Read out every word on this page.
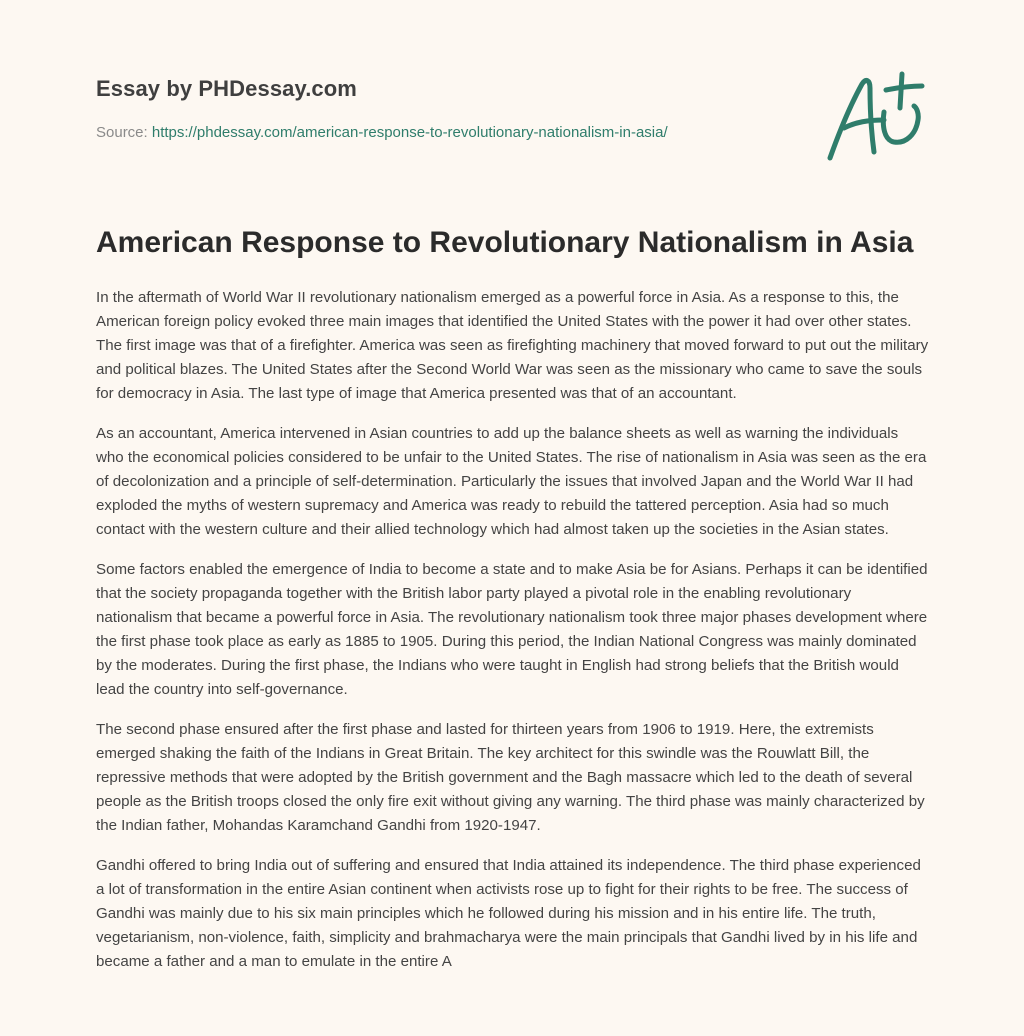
Essay by PHDessay.com
Source: https://phdessay.com/american-response-to-revolutionary-nationalism-in-asia/
American Response to Revolutionary Nationalism in Asia

In the aftermath of World War II revolutionary nationalism emerged as a powerful force in Asia. As a response to this, the American foreign policy evoked three main images that identified the United States with the power it had over other states. The first image was that of a firefighter. America was seen as firefighting machinery that moved forward to put out the military and political blazes. The United States after the Second World War was seen as the missionary who came to save the souls for democracy in Asia. The last type of image that America presented was that of an accountant.

As an accountant, America intervened in Asian countries to add up the balance sheets as well as warning the individuals who the economical policies considered to be unfair to the United States. The rise of nationalism in Asia was seen as the era of decolonization and a principle of self-determination. Particularly the issues that involved Japan and the World War II had exploded the myths of western supremacy and America was ready to rebuild the tattered perception. Asia had so much contact with the western culture and their allied technology which had almost taken up the societies in the Asian states.

Some factors enabled the emergence of India to become a state and to make Asia be for Asians. Perhaps it can be identified that the society propaganda together with the British labor party played a pivotal role in the enabling revolutionary nationalism that became a powerful force in Asia. The revolutionary nationalism took three major phases development where the first phase took place as early as 1885 to 1905. During this period, the Indian National Congress was mainly dominated by the moderates. During the first phase, the Indians who were taught in English had strong beliefs that the British would lead the country into self-governance.

The second phase ensured after the first phase and lasted for thirteen years from 1906 to 1919. Here, the extremists emerged shaking the faith of the Indians in Great Britain. The key architect for this swindle was the Rouwlatt Bill, the repressive methods that were adopted by the British government and the Bagh massacre which led to the death of several people as the British troops closed the only fire exit without giving any warning. The third phase was mainly characterized by the Indian father, Mohandas Karamchand Gandhi from 1920-1947.

Gandhi offered to bring India out of suffering and ensured that India attained its independence. The third phase experienced a lot of transformation in the entire Asian continent when activists rose up to fight for their rights to be free. The success of Gandhi was mainly due to his six main principles which he followed during his mission and in his entire life. The truth, vegetarianism, non-violence, faith, simplicity and brahmacharya were the main principals that Gandhi lived by in his life and became a father and a man to emulate in the entire A
